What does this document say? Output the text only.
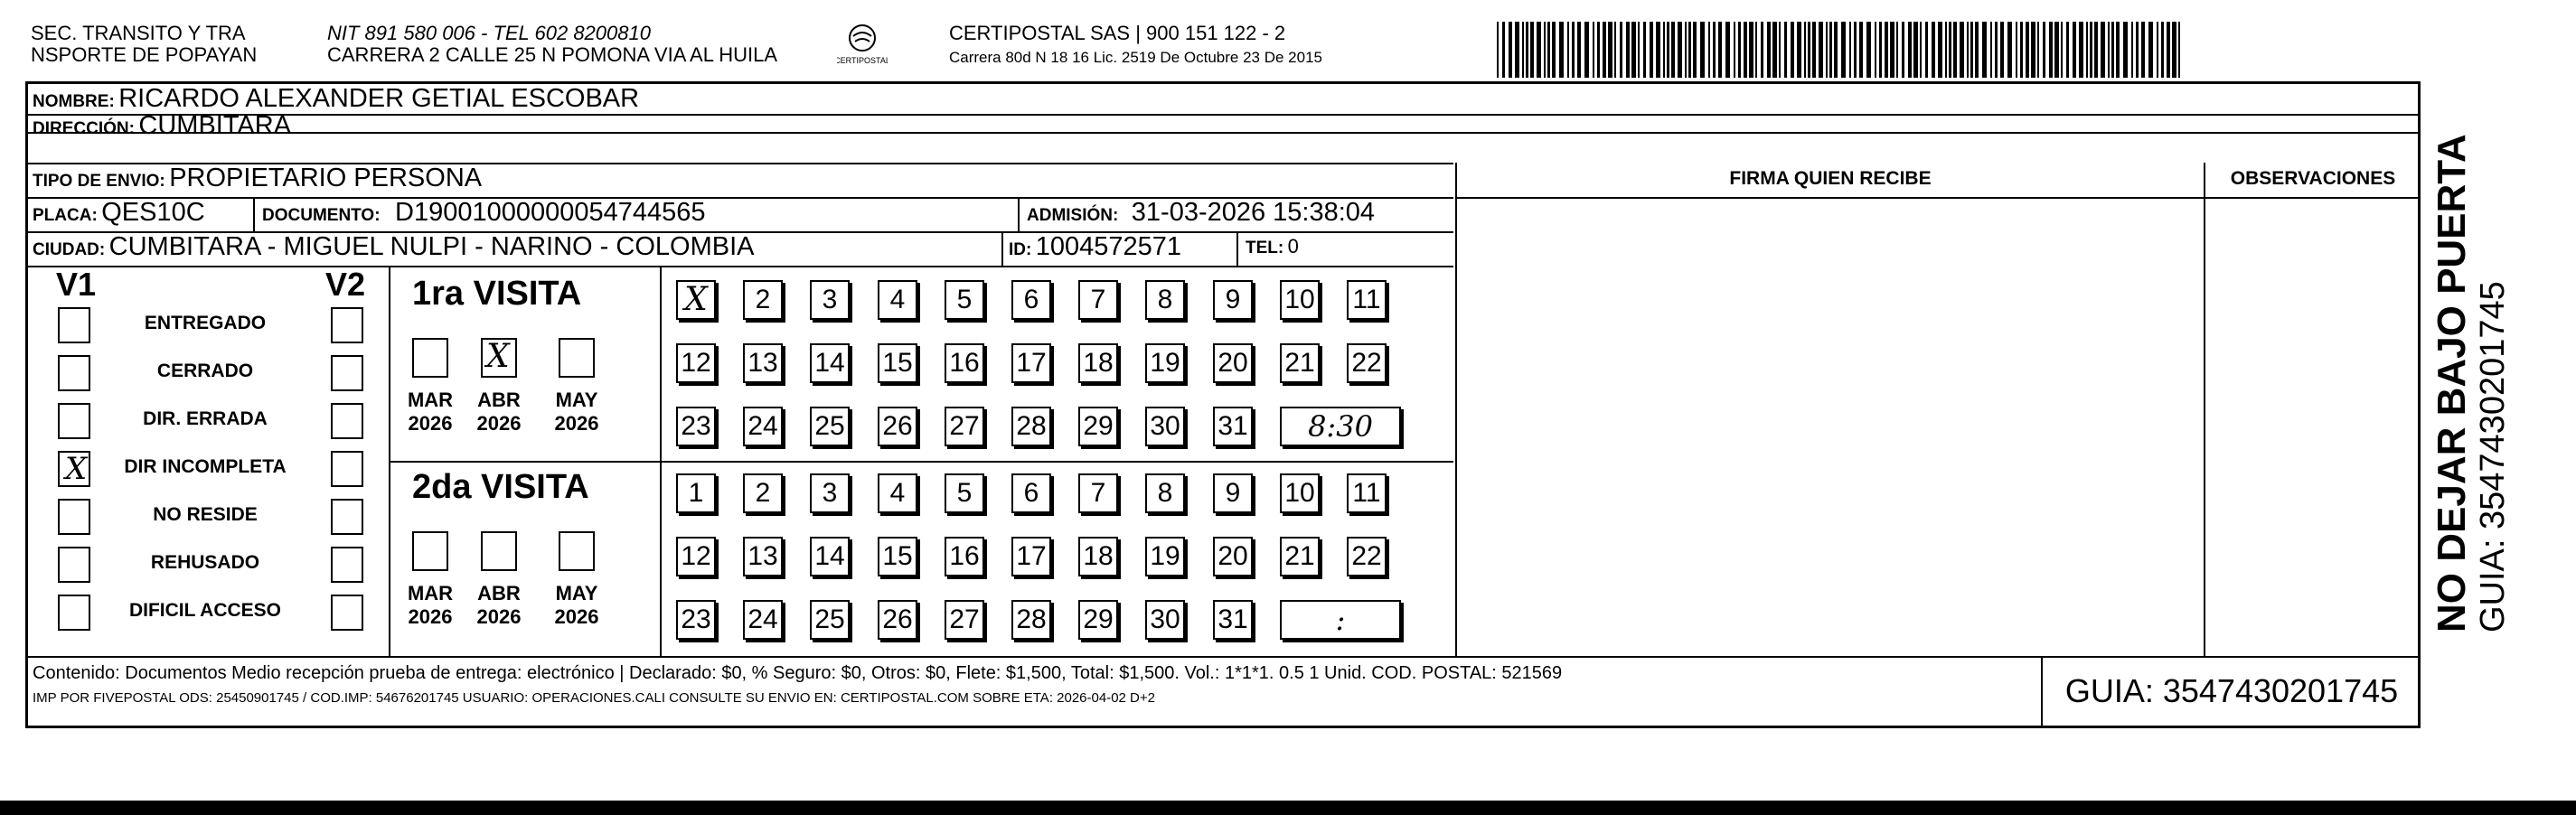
SEC. TRANSITO Y TRA
NSPORTE DE POPAYAN
NIT 891 580 006 - TEL 602 8200810
CARRERA 2 CALLE 25 N POMONA VIA AL HUILA	CERTIPOSTAL
CERTIPOSTAL SAS | 900 151 122 - 2
Carrera 80d N 18 16 Lic. 2519 De Octubre 23 De 2015
NOMBRE: RICARDO ALEXANDER GETIAL ESCOBAR
DIRECCIÓN: CUMBITARA
TIPO DE ENVIO: PROPIETARIO PERSONA
PLACA: QES10C	DOCUMENTO: D19001000000054744565	ADMISIÓN: 31-03-2026 15:38:04
CIUDAD: CUMBITARA - MIGUEL NULPI - NARINO - COLOMBIA	ID: 1004572571	TEL: 0
FIRMA QUIEN RECIBE	OBSERVACIONES
V1	V2
ENTREGADO
CERRADO
DIR. ERRADA
X	DIR INCOMPLETA
NO RESIDE
REHUSADO
DIFICIL ACCESO
1ra VISITA
MAR
2026
X
ABR
2026
MAY
2026
X	2	3	4	5	6	7	8	9	10 11
12 13 14 15 16 17 18 19 20 21 22
23 24 25 26 27 28 29 30 31	8:30
2da VISITA
MAR
2026
ABR
2026
MAY
2026
1	2	3	4	5	6	7	8	9	10 11
12 13 14 15 16 17 18 19 20 21 22
23 24 25 26 27 28 29 30 31	:
Contenido: Documentos Medio recepción prueba de entrega: electrónico | Declarado: $0, % Seguro: $0, Otros: $0, Flete: $1,500, Total: $1,500. Vol.: 1*1*1. 0.5 1 Unid. COD. POSTAL: 521569
IMP POR FIVEPOSTAL ODS: 25450901745 / COD.IMP: 54676201745 USUARIO: OPERACIONES.CALI CONSULTE SU ENVIO EN: CERTIPOSTAL.COM SOBRE ETA: 2026-04-02 D+2	GUIA: 3547430201745
NO DEJAR BAJO PUERTA GUIA: 3547430201745
